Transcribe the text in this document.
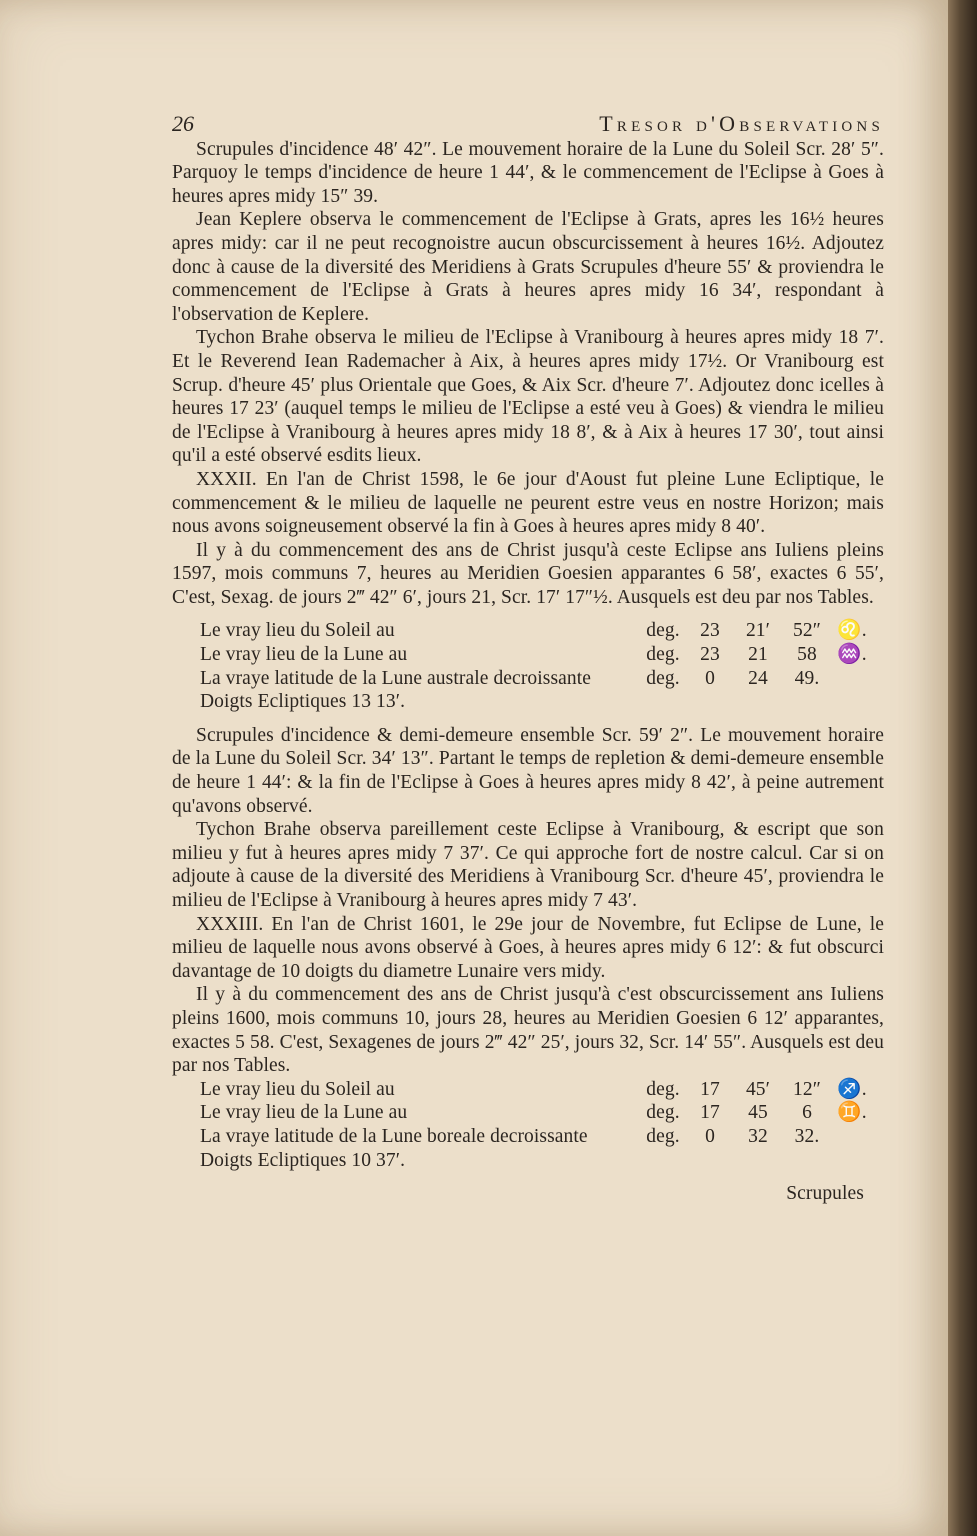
26	Tresor d'Observations

Scrupules d'incidence 48′ 42″. Le mouvement horaire de la Lune du Soleil Scr. 28′ 5″. Parquoy le temps d'incidence de heure 1 44′, & le commencement de l'Eclipse à Goes à heures apres midy 15″ 39.

Jean Keplere observa le commencement de l'Eclipse à Grats, apres les 16½ heures apres midy: car il ne peut recognoistre aucun obscurcissement à heures 16½. Adjoutez donc à cause de la diversité des Meridiens à Grats Scrupules d'heure 55′ & proviendra le commencement de l'Eclipse à Grats à heures apres midy 16 34′, respondant à l'observation de Keplere.

Tychon Brahe observa le milieu de l'Eclipse à Vranibourg à heures apres midy 18 7′. Et le Reverend Iean Rademacher à Aix, à heures apres midy 17½. Or Vranibourg est Scrup. d'heure 45′ plus Orientale que Goes, & Aix Scr. d'heure 7′. Adjoutez donc icelles à heures 17 23′ (auquel temps le milieu de l'Eclipse a esté veu à Goes) & viendra le milieu de l'Eclipse à Vranibourg à heures apres midy 18 8′, & à Aix à heures 17 30′, tout ainsi qu'il a esté observé esdits lieux.

XXXII. En l'an de Christ 1598, le 6e jour d'Aoust fut pleine Lune Ecliptique, le commencement & le milieu de laquelle ne peurent estre veus en nostre Horizon; mais nous avons soigneusement observé la fin à Goes à heures apres midy 8 40′.

Il y à du commencement des ans de Christ jusqu'à ceste Eclipse ans Iuliens pleins 1597, mois communs 7, heures au Meridien Goesien apparantes 6 58′, exactes 6 55′, C'est, Sexag. de jours 2‴ 42″ 6′, jours 21, Scr. 17′ 17″½. Ausquels est deu par nos Tables.

Le vray lieu du Soleil au	deg.	23	21′	52″ ♌.
Le vray lieu de la Lune au	deg.	23	21	58	♒.
La vraye latitude de la Lune australe decroissante	deg.	0	24	49.
Doigts Ecliptiques 13 13′.

Scrupules d'incidence & demi-demeure ensemble Scr. 59′ 2″. Le mouvement horaire de la Lune du Soleil Scr. 34′ 13″. Partant le temps de repletion & demi-demeure ensemble de heure 1 44′: & la fin de l'Eclipse à Goes à heures apres midy 8 42′, à peine autrement qu'avons observé.

Tychon Brahe observa pareillement ceste Eclipse à Vranibourg, & escript que son milieu y fut à heures apres midy 7 37′. Ce qui approche fort de nostre calcul. Car si on adjoute à cause de la diversité des Meridiens à Vranibourg Scr. d'heure 45′, proviendra le milieu de l'Eclipse à Vranibourg à heures apres midy 7 43′.

XXXIII. En l'an de Christ 1601, le 29e jour de Novembre, fut Eclipse de Lune, le milieu de laquelle nous avons observé à Goes, à heures apres midy 6 12′: & fut obscurci davantage de 10 doigts du diametre Lunaire vers midy.

Il y à du commencement des ans de Christ jusqu'à c'est obscurcissement ans Iuliens pleins 1600, mois communs 10, jours 28, heures au Meridien Goesien 6 12′ apparantes, exactes 5 58. C'est, Sexagenes de jours 2‴ 42″ 25′, jours 32, Scr. 14′ 55″. Ausquels est deu par nos Tables.

Le vray lieu du Soleil au	deg.	17	45′	12″ ♐.
Le vray lieu de la Lune au	deg.	17	45	6	♊.
La vraye latitude de la Lune boreale decroissante	deg.	0	32	32.
Doigts Ecliptiques 10 37′.
Scrupules
